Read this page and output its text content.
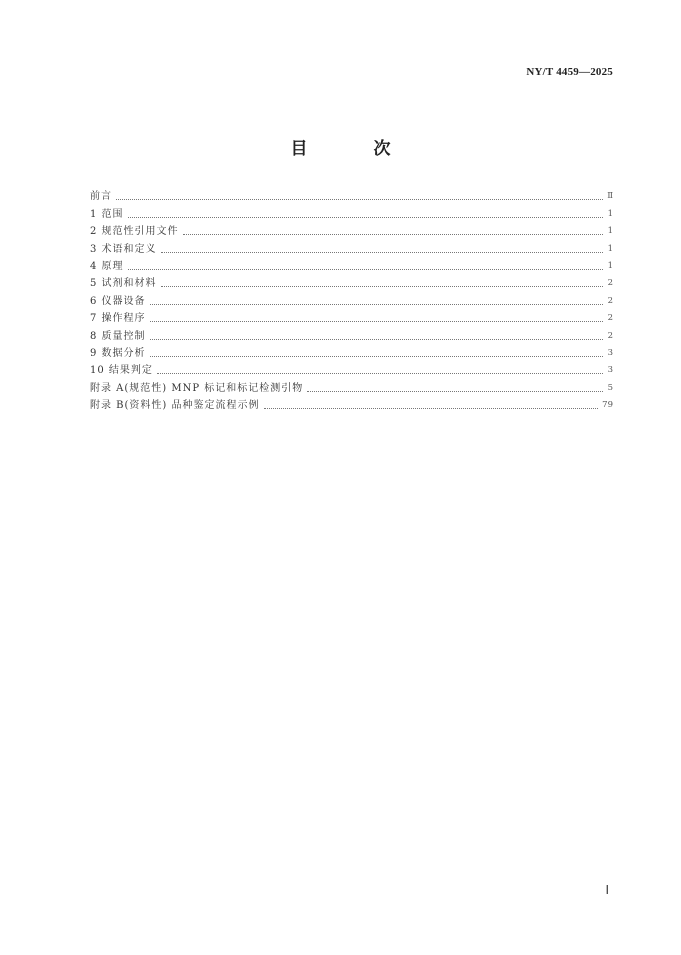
NY/T 4459—2025
目 次
前言	Ⅱ
1 范围	1
2 规范性引用文件	1
3 术语和定义	1
4 原理	1
5 试剂和材料	2
6 仪器设备	2
7 操作程序	2
8 质量控制	2
9 数据分析	3
10 结果判定	3
附录 A(规范性) MNP 标记和标记检测引物	5
附录 B(资料性) 品种鉴定流程示例	79
Ⅰ
